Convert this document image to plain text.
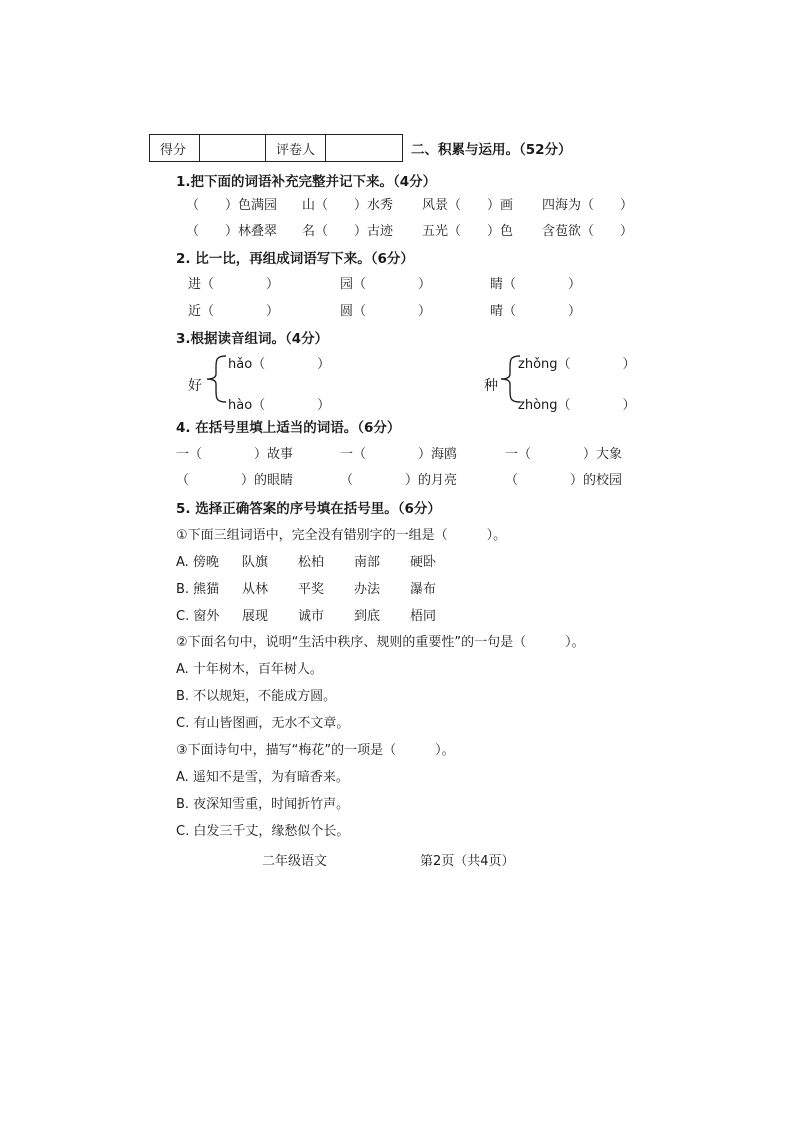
得分	评卷人	二、积累与运用。（52分）
1.把下面的词语补充完整并记下来。（4分）
（　　）色满园 山（　　）水秀 风景（　　）画 四海为（　　）
（　　）林叠翠 名（　　）古迹 五光（　　）色 含苞欲（　　）
2. 比一比，再组成词语写下来。（6分）
进（　　　　）	园（　　　　）	睛（　　　　）
近（　　　　）	圆（　　　　）	晴（　　　　）
3.根据读音组词。（4分）
好
hǎo（　　　　）
hào（　　　　）
种
zhǒng（　　　　）
zhòng（　　　　）
4. 在括号里填上适当的词语。（6分）
一（　　　　）故事	一（　　　　）海鸥	一（　　　　）大象
（　　　　）的眼睛	（　　　　）的月亮	（　　　　）的校园
5. 选择正确答案的序号填在括号里。（6分）
①下面三组词语中，完全没有错别字的一组是（　　　）。
A. 傍晚 队旗 松柏 南部 硬卧
B. 熊猫 从林 平奖 办法 瀑布
C. 窗外 展现 诚市 到底 梧同
②下面名句中，说明“生活中秩序、规则的重要性”的一句是（　　　）。
A. 十年树木，百年树人。
B. 不以规矩，不能成方圆。
C. 有山皆图画，无水不文章。
③下面诗句中，描写“梅花”的一项是（　　　）。
A. 遥知不是雪，为有暗香来。
B. 夜深知雪重，时闻折竹声。
C. 白发三千丈，缘愁似个长。
二年级语文	第2页（共4页）
